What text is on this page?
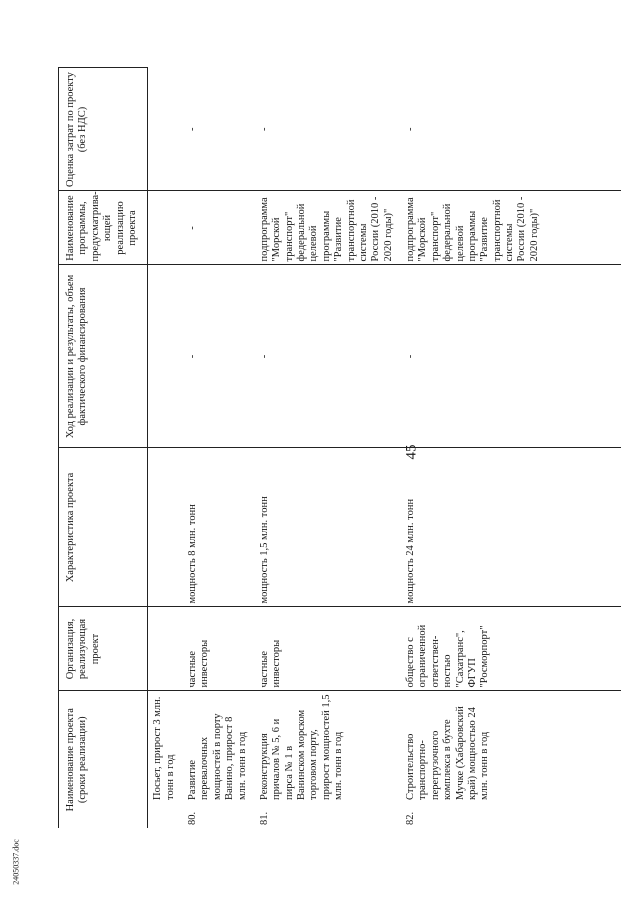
45
Наименование проекта (сроки реализации)	Организация, реализующая проект	Характеристика проекта	Ход реализации и результаты, объем фактического финансирования	Наименование программы, предусматрива- ющей реализацию проекта	Оценка затрат по проекту (без НДС)

Посьет, прирост 3 млн. тонн в год					

80.
Развитие перевалочных мощностей в порту Ванино, прирост 8 млн. тонн в год	частные инвесторы	мощность 8 млн. тонн	-	-	-

81.
Реконструкция причалов № 5, 6 и пирса № 1 в Ванинском морском торговом порту, прирост мощностей 1,5 млн. тонн в год	частные инвесторы	мощность 1,5 млн. тонн	-	подпрограмма "Морской транспорт" федеральной целевой программы "Развитие транспортной системы России (2010 - 2020 годы)"	-

82.
Строительство транспортно-перегрузочного комплекса в бухте Мучке (Хабаровский край) мощностью 24 млн. тонн в год	общество с ограниченной ответствен- ностью "Сахатранс", ФГУП "Росморпорт"	мощность 24 млн. тонн	-	подпрограмма "Морской транспорт" федеральной целевой программы "Развитие транспортной системы России (2010 - 2020 годы)"	-
24050337.doc
